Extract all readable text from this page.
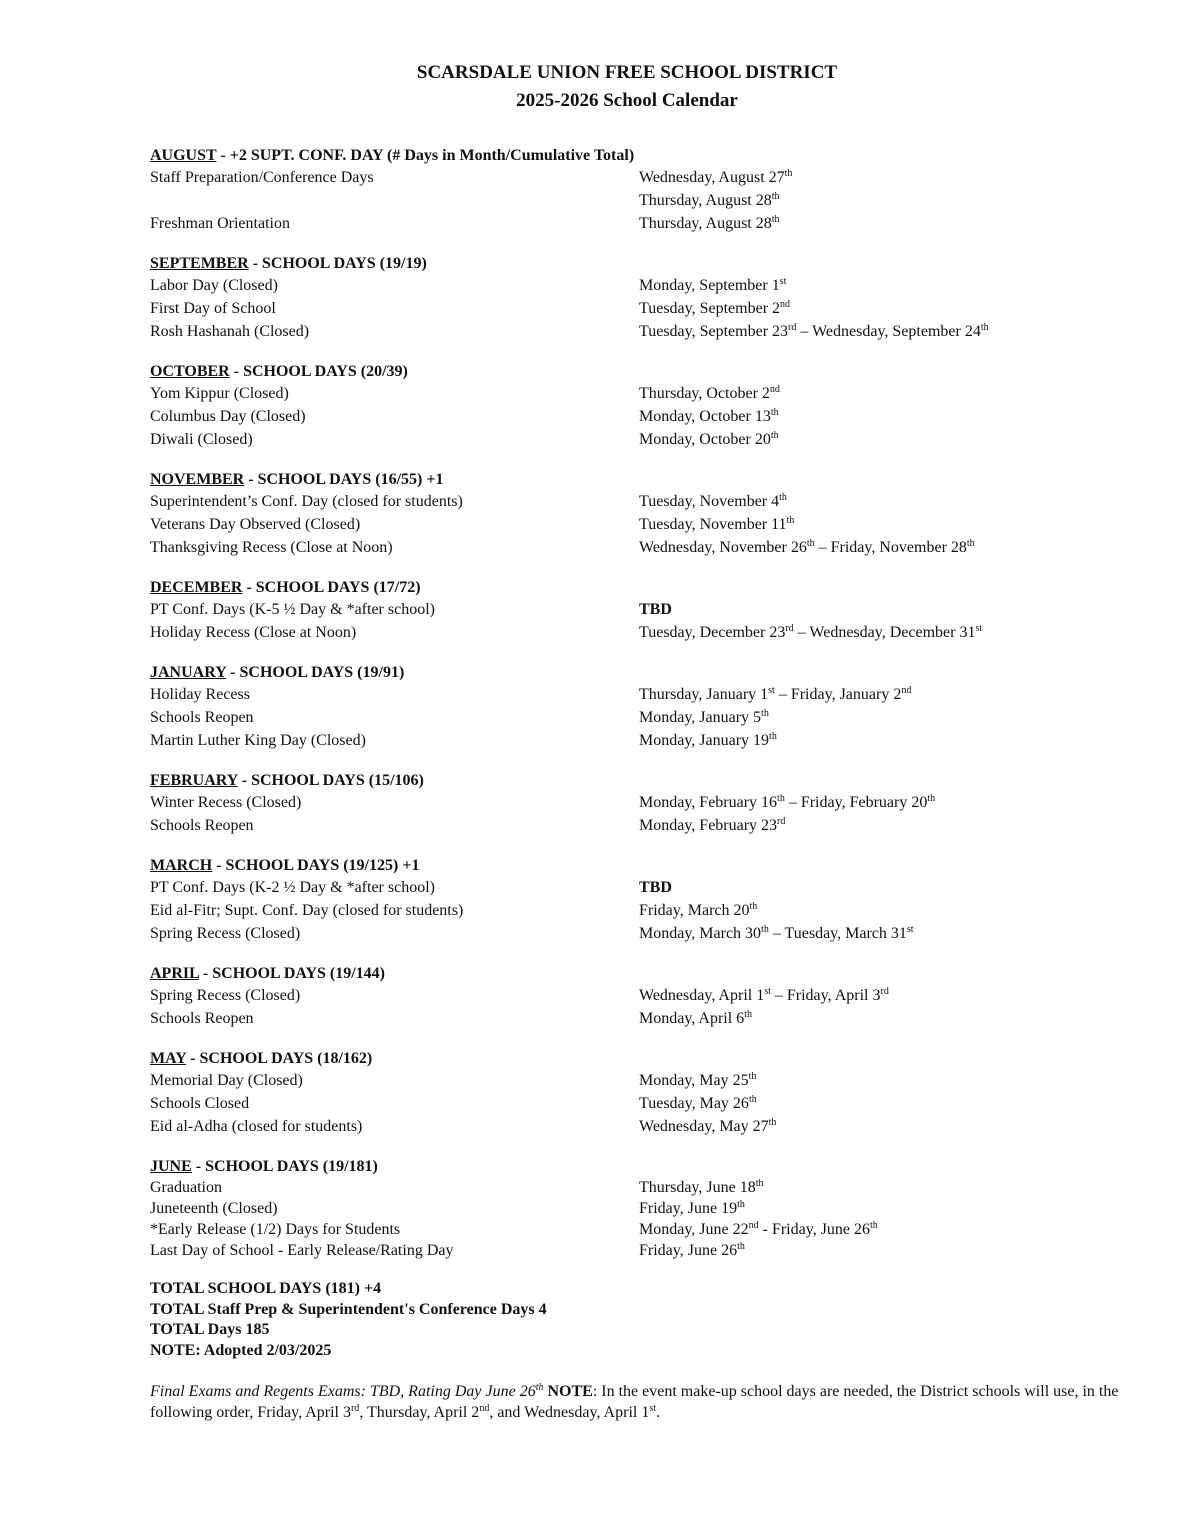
SCARSDALE UNION FREE SCHOOL DISTRICT
2025-2026 School Calendar
AUGUST - +2 SUPT. CONF. DAY (# Days in Month/Cumulative Total)
Staff Preparation/Conference Days	Wednesday, August 27th
Thursday, August 28th
Freshman Orientation	Thursday, August 28th
SEPTEMBER - SCHOOL DAYS (19/19)
Labor Day (Closed)	Monday, September 1st
First Day of School	Tuesday, September 2nd
Rosh Hashanah (Closed)	Tuesday, September 23rd – Wednesday, September 24th
OCTOBER - SCHOOL DAYS (20/39)
Yom Kippur (Closed)	Thursday, October 2nd
Columbus Day (Closed)	Monday, October 13th
Diwali (Closed)	Monday, October 20th
NOVEMBER - SCHOOL DAYS (16/55) +1
Superintendent’s Conf. Day (closed for students)	Tuesday, November 4th
Veterans Day Observed (Closed)	Tuesday, November 11th
Thanksgiving Recess (Close at Noon)	Wednesday, November 26th – Friday, November 28th
DECEMBER - SCHOOL DAYS (17/72)
PT Conf. Days (K-5 ½ Day & *after school)	TBD
Holiday Recess (Close at Noon)	Tuesday, December 23rd – Wednesday, December 31st
JANUARY - SCHOOL DAYS (19/91)
Holiday Recess	Thursday, January 1st – Friday, January 2nd
Schools Reopen	Monday, January 5th
Martin Luther King Day (Closed)	Monday, January 19th
FEBRUARY - SCHOOL DAYS (15/106)
Winter Recess (Closed)	Monday, February 16th – Friday, February 20th
Schools Reopen	Monday, February 23rd
MARCH - SCHOOL DAYS (19/125) +1
PT Conf. Days (K-2 ½ Day & *after school)	TBD
Eid al-Fitr; Supt. Conf. Day (closed for students)	Friday, March 20th
Spring Recess (Closed)	Monday, March 30th – Tuesday, March 31st
APRIL - SCHOOL DAYS (19/144)
Spring Recess (Closed)	Wednesday, April 1st – Friday, April 3rd
Schools Reopen	Monday, April 6th
MAY - SCHOOL DAYS (18/162)
Memorial Day (Closed)	Monday, May 25th
Schools Closed	Tuesday, May 26th
Eid al-Adha (closed for students)	Wednesday, May 27th
JUNE - SCHOOL DAYS (19/181)
Graduation	Thursday, June 18th
Juneteenth (Closed)	Friday, June 19th
*Early Release (1/2) Days for Students	Monday, June 22nd - Friday, June 26th
Last Day of School - Early Release/Rating Day	Friday, June 26th
TOTAL SCHOOL DAYS (181) +4
TOTAL Staff Prep & Superintendent's Conference Days 4
TOTAL Days 185
NOTE: Adopted 2/03/2025
Final Exams and Regents Exams: TBD, Rating Day June 26th NOTE: In the event make-up school days are needed, the District schools will use, in the following order, Friday, April 3rd, Thursday, April 2nd, and Wednesday, April 1st.
